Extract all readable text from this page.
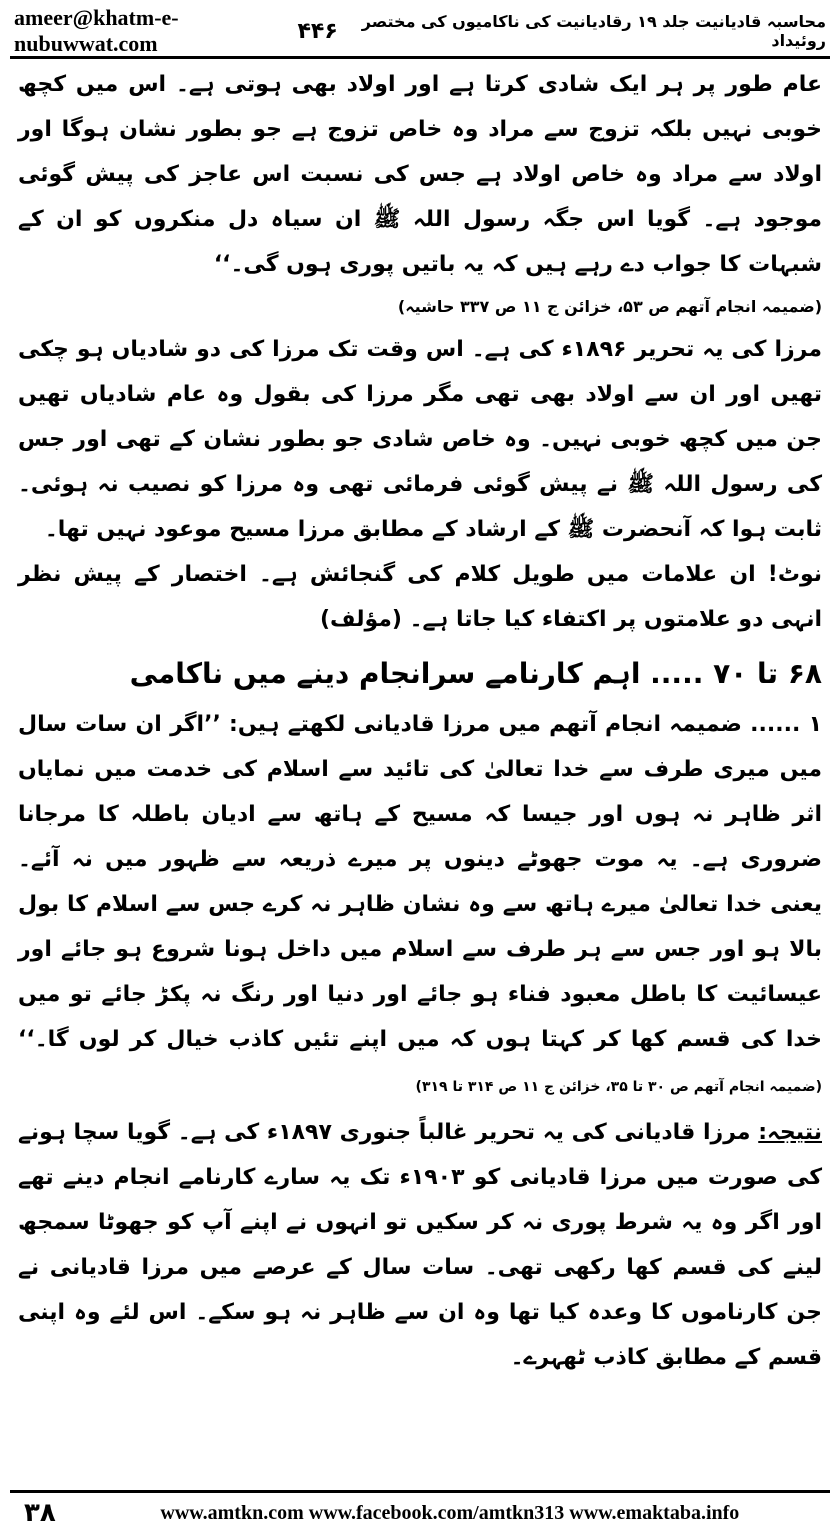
ameer@khatm-e-nubuwwat.com
محاسبہ قادیانیت جلد ۱۹ رقادیانیت کی ناکامیوں کی مختصر روئیداد
۴۴۶

عام طور پر ہر ایک شادی کرتا ہے اور اولاد بھی ہوتی ہے۔ اس میں کچھ خوبی نہیں بلکہ تزوج سے مراد وہ خاص تزوج ہے جو بطور نشان ہوگا اور اولاد سے مراد وہ خاص اولاد ہے جس کی نسبت اس عاجز کی پیش گوئی موجود ہے۔ گویا اس جگہ رسول اللہ ﷺ ان سیاہ دل منکروں کو ان کے شبہات کا جواب دے رہے ہیں کہ یہ باتیں پوری ہوں گی۔‘‘

(ضمیمہ انجام آتھم ص ۵۳، خزائن ج ۱۱ ص ۳۳۷ حاشیہ)

مرزا کی یہ تحریر ۱۸۹۶ء کی ہے۔ اس وقت تک مرزا کی دو شادیاں ہو چکی تھیں اور ان سے اولاد بھی تھی مگر مرزا کی بقول وہ عام شادیاں تھیں جن میں کچھ خوبی نہیں۔ وہ خاص شادی جو بطور نشان کے تھی اور جس کی رسول اللہ ﷺ نے پیش گوئی فرمائی تھی وہ مرزا کو نصیب نہ ہوئی۔ ثابت ہوا کہ آنحضرت ﷺ کے ارشاد کے مطابق مرزا مسیح موعود نہیں تھا۔

نوٹ! ان علامات میں طویل کلام کی گنجائش ہے۔ اختصار کے پیش نظر انہی دو علامتوں پر اکتفاء کیا جاتا ہے۔ (مؤلف)

۶۸ تا ۷۰ ..... اہم کارنامے سرانجام دینے میں ناکامی

۱ ...... ضمیمہ انجام آتھم میں مرزا قادیانی لکھتے ہیں: ’’اگر ان سات سال میں میری طرف سے خدا تعالیٰ کی تائید سے اسلام کی خدمت میں نمایاں اثر ظاہر نہ ہوں اور جیسا کہ مسیح کے ہاتھ سے ادیان باطلہ کا مرجانا ضروری ہے۔ یہ موت جھوٹے دینوں پر میرے ذریعہ سے ظہور میں نہ آئے۔ یعنی خدا تعالیٰ میرے ہاتھ سے وہ نشان ظاہر نہ کرے جس سے اسلام کا بول بالا ہو اور جس سے ہر طرف سے اسلام میں داخل ہونا شروع ہو جائے اور عیسائیت کا باطل معبود فناء ہو جائے اور دنیا اور رنگ نہ پکڑ جائے تو میں خدا کی قسم کھا کر کہتا ہوں کہ میں اپنے تئیں کاذب خیال کر لوں گا۔‘‘ (ضمیمہ انجام آتھم ص ۳۰ تا ۳۵، خزائن ج ۱۱ ص ۳۱۴ تا ۳۱۹)

نتیجہ: مرزا قادیانی کی یہ تحریر غالباً جنوری ۱۸۹۷ء کی ہے۔ گویا سچا ہونے کی صورت میں مرزا قادیانی کو ۱۹۰۳ء تک یہ سارے کارنامے انجام دینے تھے اور اگر وہ یہ شرط پوری نہ کر سکیں تو انہوں نے اپنے آپ کو جھوٹا سمجھ لینے کی قسم کھا رکھی تھی۔ سات سال کے عرصے میں مرزا قادیانی نے جن کارناموں کا وعدہ کیا تھا وہ ان سے ظاہر نہ ہو سکے۔ اس لئے وہ اپنی قسم کے مطابق کاذب ٹھہرے۔

۳۸	www.amtkn.com www.facebook.com/amtkn313 www.emaktaba.info
